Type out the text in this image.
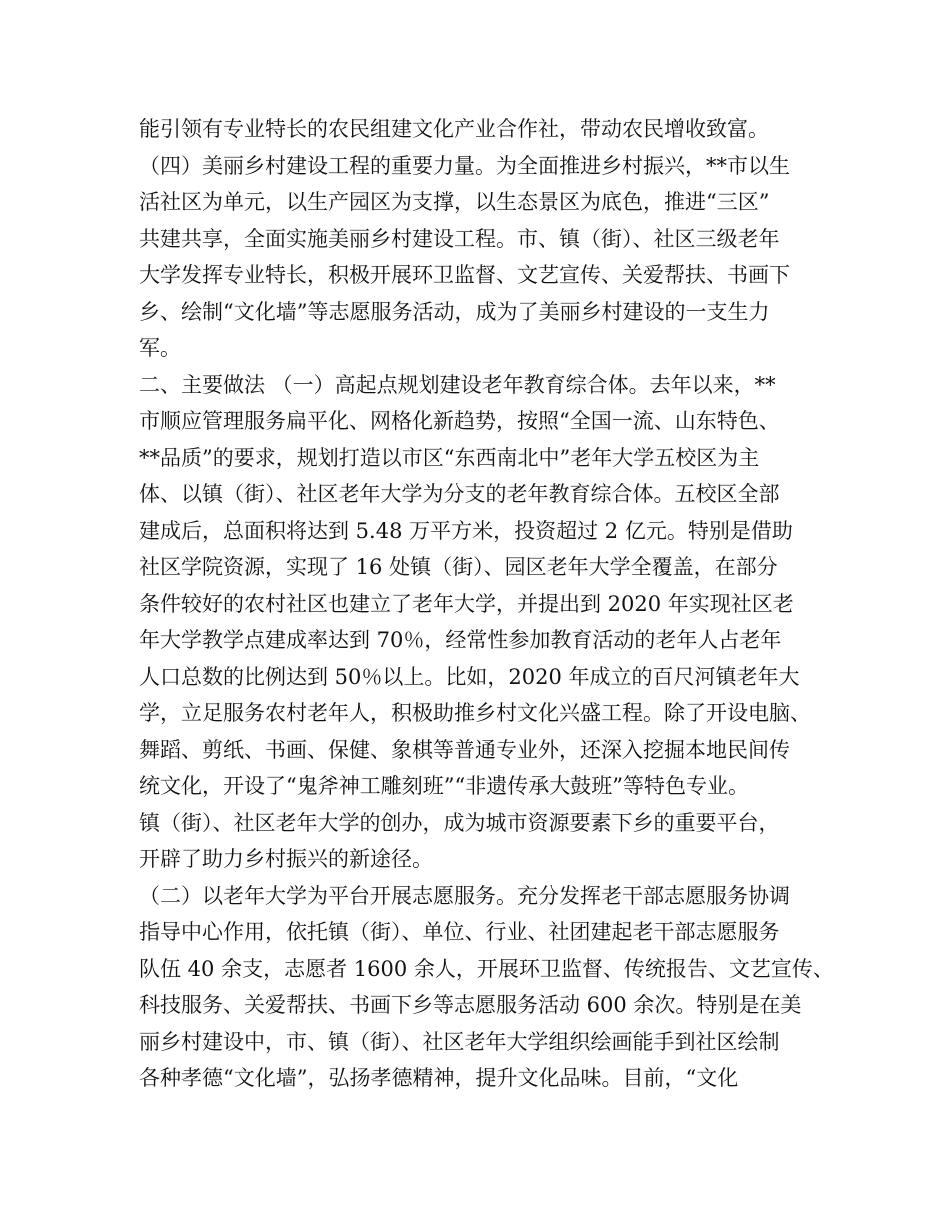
能引领有专业特长的农民组建文化产业合作社，带动农民增收致富。
（四）美丽乡村建设工程的重要力量。为全面推进乡村振兴，**市以生
活社区为单元，以生产园区为支撑，以生态景区为底色，推进“三区”
共建共享，全面实施美丽乡村建设工程。市、镇（街）、社区三级老年
大学发挥专业特长，积极开展环卫监督、文艺宣传、关爱帮扶、书画下
乡、绘制“文化墙”等志愿服务活动，成为了美丽乡村建设的一支生力
军。
二、主要做法 （一）高起点规划建设老年教育综合体。去年以来，**
市顺应管理服务扁平化、网格化新趋势，按照“全国一流、山东特色、
**品质”的要求，规划打造以市区“东西南北中”老年大学五校区为主
体、以镇（街）、社区老年大学为分支的老年教育综合体。五校区全部
建成后，总面积将达到 5.48 万平方米，投资超过 2 亿元。特别是借助
社区学院资源，实现了 16 处镇（街）、园区老年大学全覆盖，在部分
条件较好的农村社区也建立了老年大学，并提出到 2020 年实现社区老
年大学教学点建成率达到 70％，经常性参加教育活动的老年人占老年
人口总数的比例达到 50％以上。比如，2020 年成立的百尺河镇老年大
学，立足服务农村老年人，积极助推乡村文化兴盛工程。除了开设电脑、
舞蹈、剪纸、书画、保健、象棋等普通专业外，还深入挖掘本地民间传
统文化，开设了“鬼斧神工雕刻班”“非遗传承大鼓班”等特色专业。
镇（街）、社区老年大学的创办，成为城市资源要素下乡的重要平台，
开辟了助力乡村振兴的新途径。
（二）以老年大学为平台开展志愿服务。充分发挥老干部志愿服务协调
指导中心作用，依托镇（街）、单位、行业、社团建起老干部志愿服务
队伍 40 余支，志愿者 1600 余人，开展环卫监督、传统报告、文艺宣传、
科技服务、关爱帮扶、书画下乡等志愿服务活动 600 余次。特别是在美
丽乡村建设中，市、镇（街）、社区老年大学组织绘画能手到社区绘制
各种孝德“文化墙”，弘扬孝德精神，提升文化品味。目前，“文化
